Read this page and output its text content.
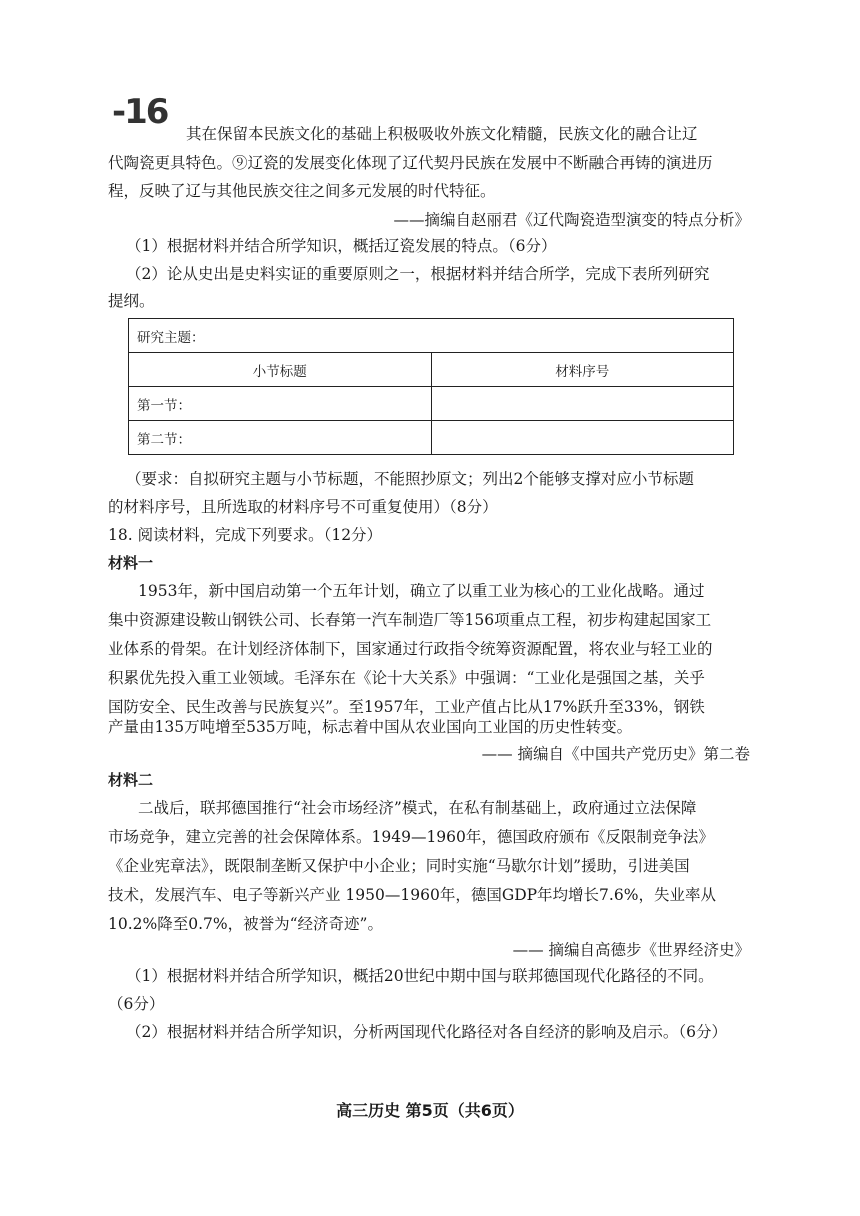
-16
其在保留本民族文化的基础上积极吸收外族文化精髓，民族文化的融合让辽
代陶瓷更具特色。⑨辽瓷的发展变化体现了辽代契丹民族在发展中不断融合再铸的演进历
程，反映了辽与其他民族交往之间多元发展的时代特征。
——摘编自赵丽君《辽代陶瓷造型演变的特点分析》
（1）根据材料并结合所学知识，概括辽瓷发展的特点。（6分）
（2）论从史出是史料实证的重要原则之一，根据材料并结合所学，完成下表所列研究
提纲。
研究主题：	
小节标题	材料序号
第一节：	
第二节：	
（要求：自拟研究主题与小节标题，不能照抄原文；列出2个能够支撑对应小节标题
的材料序号，且所选取的材料序号不可重复使用）（8分）
18. 阅读材料，完成下列要求。（12分）
材料一
1953年，新中国启动第一个五年计划，确立了以重工业为核心的工业化战略。通过
集中资源建设鞍山钢铁公司、长春第一汽车制造厂等156项重点工程，初步构建起国家工
业体系的骨架。在计划经济体制下，国家通过行政指令统筹资源配置，将农业与轻工业的
积累优先投入重工业领域。毛泽东在《论十大关系》中强调：“工业化是强国之基，关乎
国防安全、民生改善与民族复兴”。至1957年，工业产值占比从17%跃升至33%，钢铁
—— 摘编自《中国共产党历史》第二卷
材料二
二战后，联邦德国推行“社会市场经济”模式，在私有制基础上，政府通过立法保障
市场竞争，建立完善的社会保障体系。1949—1960年，德国政府颁布《反限制竞争法》
《企业宪章法》，既限制垄断又保护中小企业；同时实施“马歇尔计划”援助，引进美国
技术，发展汽车、电子等新兴产业 1950—1960年，德国GDP年均增长7.6%，失业率从
10.2%降至0.7%，被誉为“经济奇迹”。
—— 摘编自高德步《世界经济史》
（1）根据材料并结合所学知识，概括20世纪中期中国与联邦德国现代化路径的不同。
（6分）
（2）根据材料并结合所学知识，分析两国现代化路径对各自经济的影响及启示。（6分）
高三历史 第5页（共6页）
产量由135万吨增至535万吨，标志着中国从农业国向工业国的历史性转变。
